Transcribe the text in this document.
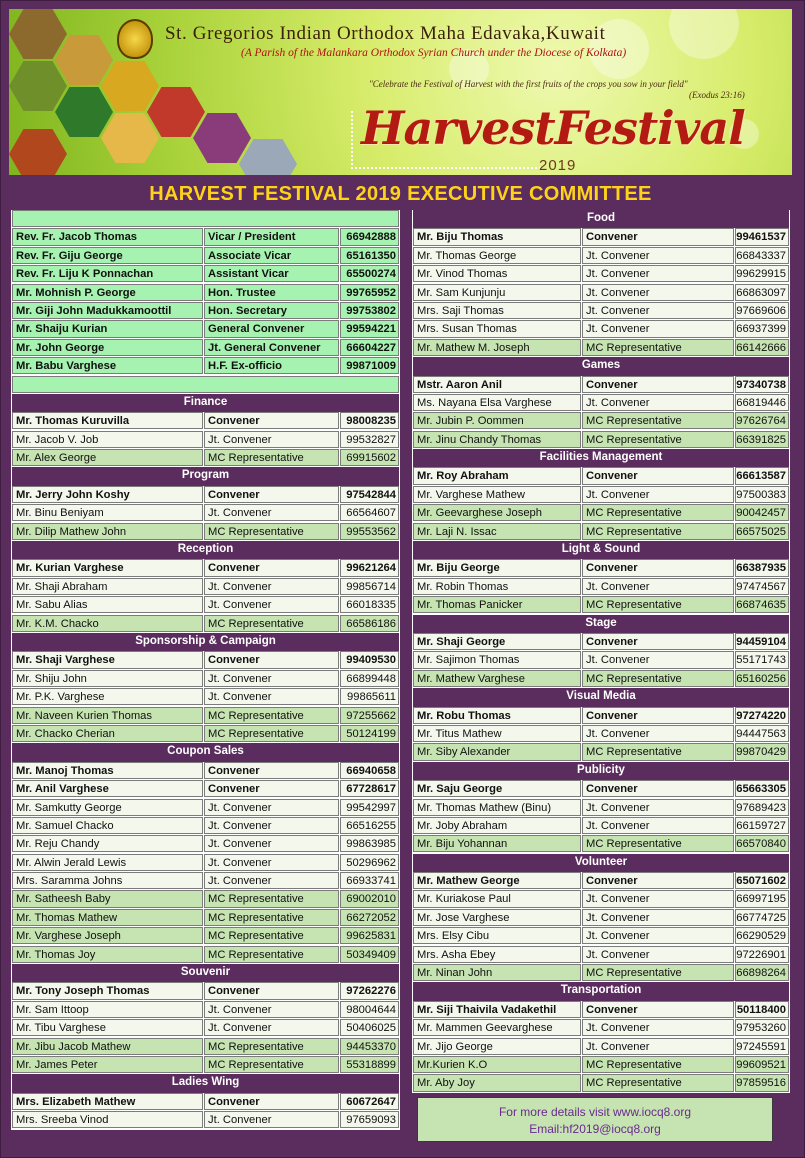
St. Gregorios Indian Orthodox Maha Edavaka,Kuwait
(A Parish of the Malankara Orthodox Syrian Church under the Diocese of Kolkata)
"Celebrate the Festival of Harvest with the first fruits of the crops you sow in your field"
(Exodus 23:16)
HarvestFestival
2019
HARVEST FESTIVAL 2019 EXECUTIVE COMMITTEE
Rev. Fr. Jacob Thomas	Vicar / President	66942888
Rev. Fr. Giju George	Associate Vicar	65161350
Rev. Fr. Liju K Ponnachan	Assistant Vicar	65500274
Mr. Mohnish P. George	Hon. Trustee	99765952
Mr. Giji John Madukkamoottil	Hon. Secretary	99753802
Mr. Shaiju Kurian	General Convener	99594221
Mr. John George	Jt. General Convener	66604227
Mr. Babu Varghese	H.F. Ex-officio	99871009
Finance
Mr. Thomas Kuruvilla	Convener	98008235
Mr. Jacob V. Job	Jt. Convener	99532827
Mr. Alex George	MC Representative	69915602
Program
Mr. Jerry John Koshy	Convener	97542844
Mr. Binu Beniyam	Jt. Convener	66564607
Mr. Dilip Mathew John	MC Representative	99553562
Reception
Mr. Kurian Varghese	Convener	99621264
Mr. Shaji Abraham	Jt. Convener	99856714
Mr. Sabu Alias	Jt. Convener	66018335
Mr. K.M. Chacko	MC Representative	66586186
Sponsorship & Campaign
Mr. Shaji Varghese	Convener	99409530
Mr. Shiju John	Jt. Convener	66899448
Mr. P.K. Varghese	Jt. Convener	99865611
Mr. Naveen Kurien Thomas	MC Representative	97255662
Mr. Chacko Cherian	MC Representative	50124199
Coupon Sales
Mr. Manoj Thomas	Convener	66940658
Mr. Anil Varghese	Convener	67728617
Mr. Samkutty George	Jt. Convener	99542997
Mr. Samuel Chacko	Jt. Convener	66516255
Mr. Reju Chandy	Jt. Convener	99863985
Mr. Alwin Jerald Lewis	Jt. Convener	50296962
Mrs. Saramma Johns	Jt. Convener	66933741
Mr. Satheesh Baby	MC Representative	69002010
Mr. Thomas Mathew	MC Representative	66272052
Mr. Varghese Joseph	MC Representative	99625831
Mr. Thomas Joy	MC Representative	50349409
Souvenir
Mr. Tony Joseph Thomas	Convener	97262276
Mr. Sam Ittoop	Jt. Convener	98004644
Mr. Tibu Varghese	Jt. Convener	50406025
Mr. Jibu Jacob Mathew	MC Representative	94453370
Mr. James Peter	MC Representative	55318899
Ladies Wing
Mrs. Elizabeth Mathew	Convener	60672647
Mrs. Sreeba Vinod	Jt. Convener	97659093
Food
Mr. Biju Thomas	Convener	99461537
Mr. Thomas George	Jt. Convener	66843337
Mr. Vinod Thomas	Jt. Convener	99629915
Mr. Sam Kunjunju	Jt. Convener	66863097
Mrs. Saji Thomas	Jt. Convener	97669606
Mrs. Susan Thomas	Jt. Convener	66937399
Mr. Mathew M. Joseph	MC Representative	66142666
Games
Mstr. Aaron Anil	Convener	97340738
Ms. Nayana Elsa Varghese	Jt. Convener	66819446
Mr. Jubin P. Oommen	MC Representative	97626764
Mr. Jinu Chandy Thomas	MC Representative	66391825
Facilities Management
Mr. Roy Abraham	Convener	66613587
Mr. Varghese Mathew	Jt. Convener	97500383
Mr. Geevarghese Joseph	MC Representative	90042457
Mr. Laji N. Issac	MC Representative	66575025
Light & Sound
Mr. Biju George	Convener	66387935
Mr. Robin Thomas	Jt. Convener	97474567
Mr. Thomas Panicker	MC Representative	66874635
Stage
Mr. Shaji George	Convener	94459104
Mr. Sajimon Thomas	Jt. Convener	55171743
Mr. Mathew Varghese	MC Representative	65160256
Visual Media
Mr. Robu Thomas	Convener	97274220
Mr. Titus Mathew	Jt. Convener	94447563
Mr. Siby Alexander	MC Representative	99870429
Publicity
Mr. Saju George	Convener	65663305
Mr. Thomas Mathew (Binu)	Jt. Convener	97689423
Mr. Joby Abraham	Jt. Convener	66159727
Mr. Biju Yohannan	MC Representative	66570840
Volunteer
Mr. Mathew George	Convener	65071602
Mr. Kuriakose Paul	Jt. Convener	66997195
Mr. Jose Varghese	Jt. Convener	66774725
Mrs. Elsy Cibu	Jt. Convener	66290529
Mrs. Asha Ebey	Jt. Convener	97226901
Mr. Ninan John	MC Representative	66898264
Transportation
Mr. Siji Thaivila Vadakethil	Convener	50118400
Mr. Mammen Geevarghese	Jt. Convener	97953260
Mr. Jijo George	Jt. Convener	97245591
Mr.Kurien K.O	MC Representative	99609521
Mr. Aby Joy	MC Representative	97859516
For more details visit www.iocq8.org
Email:hf2019@iocq8.org
